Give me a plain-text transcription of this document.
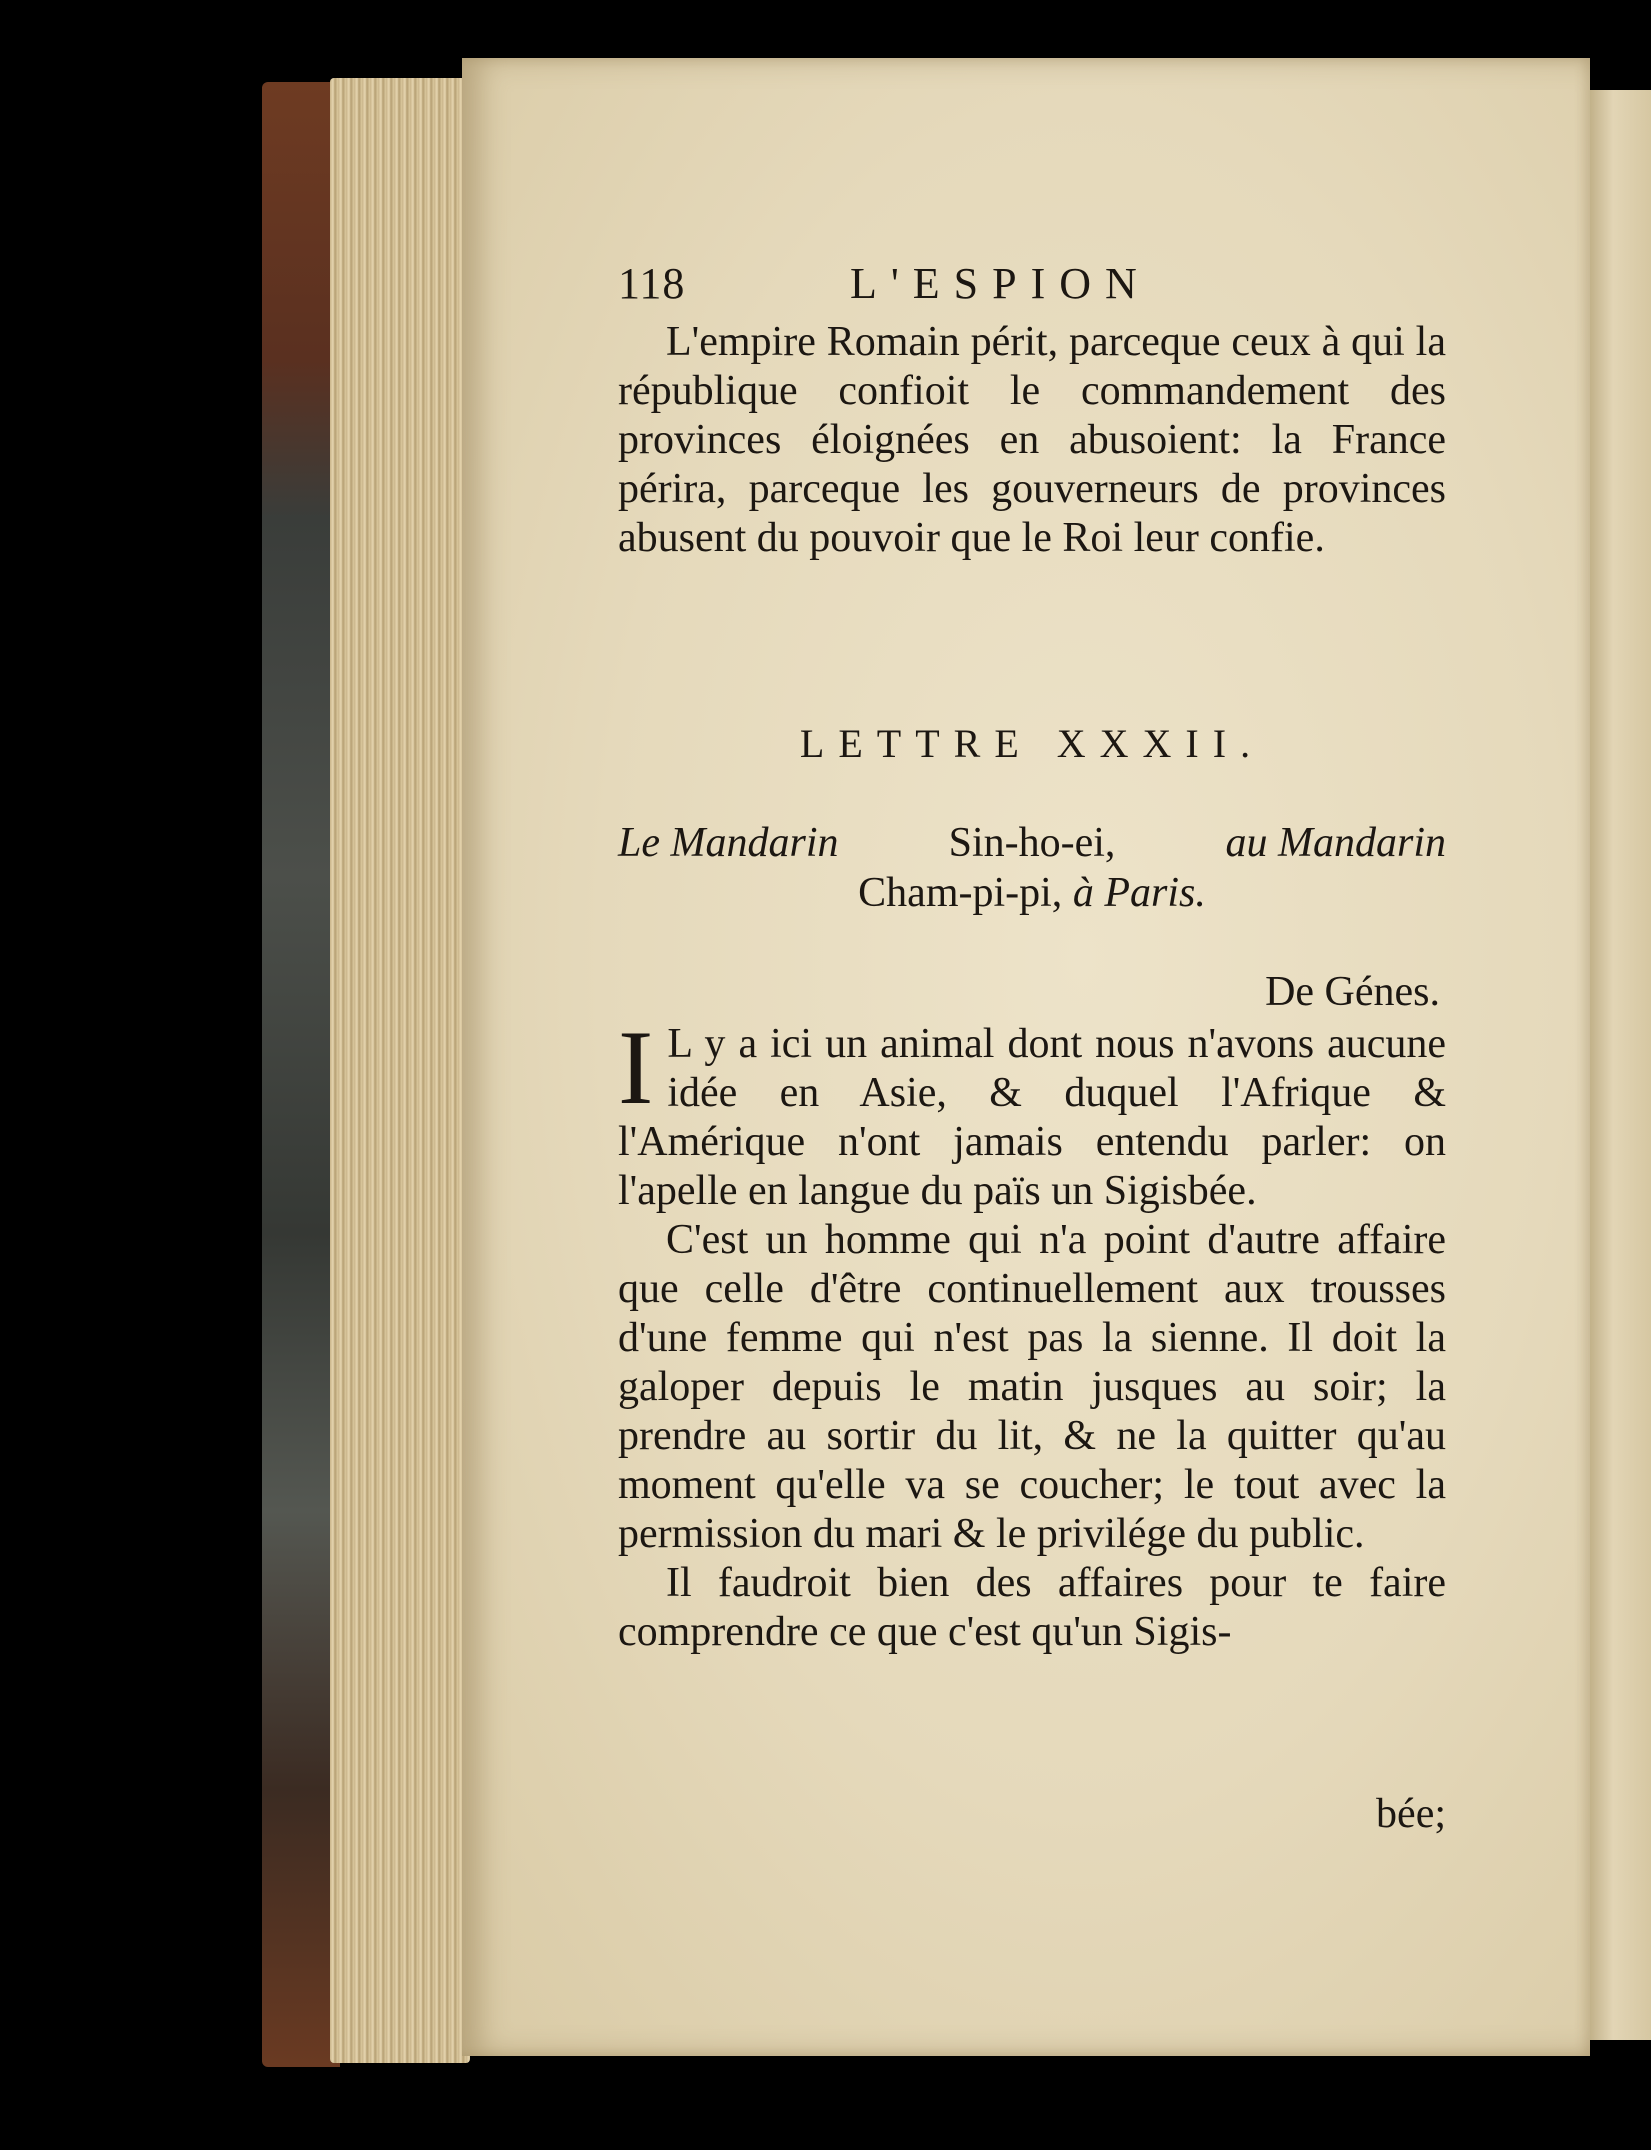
118	L'ESPION

L'empire Romain périt, parceque ceux à qui la république confioit le commandement des provinces éloignées en abusoient: la France périra, parceque les gouverneurs de provinces abusent du pouvoir que le Roi leur confie.

LETTRE XXXII.
Le Mandarin	Sin-ho-ei,	au Mandarin
Cham-pi-pi, à Paris.
De Génes.

I L y a ici un animal dont nous n'avons aucune idée en Asie, & duquel l'Afrique & l'Amérique n'ont jamais entendu parler: on l'apelle en langue du païs un Sigisbée.

C'est un homme qui n'a point d'autre affaire que celle d'être continuellement aux trousses d'une femme qui n'est pas la sienne. Il doit la galoper depuis le matin jusques au soir; la prendre au sortir du lit, & ne la quitter qu'au moment qu'elle va se coucher; le tout avec la permission du mari & le privilége du public.

Il faudroit bien des affaires pour te faire comprendre ce que c'est qu'un Sigis-

bée;
